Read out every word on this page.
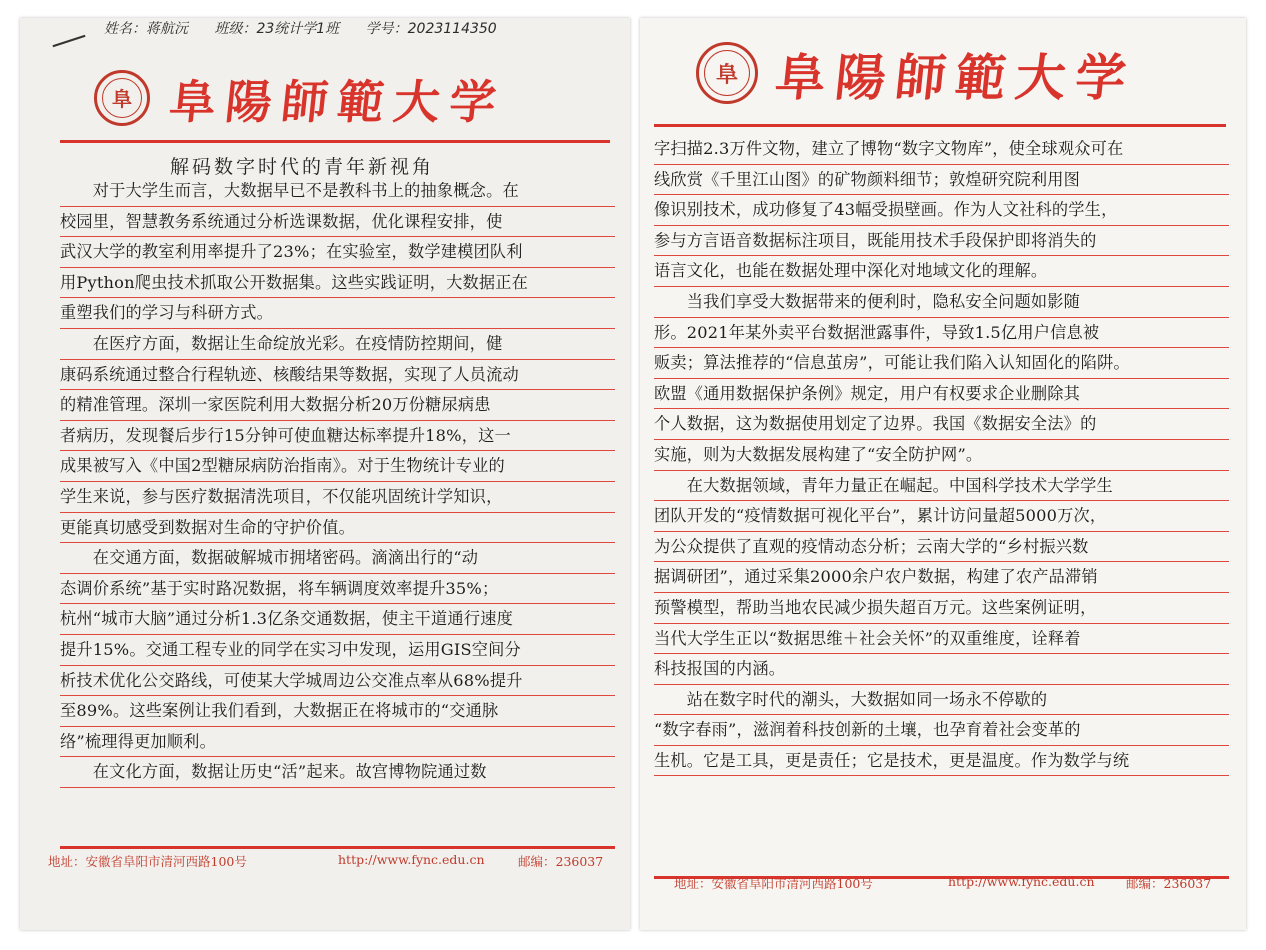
姓名：蒋航沅 班级：23统计学1班 学号：2023114350
阜 阜陽師範大学
解码数字时代的青年新视角
　　对于大学生而言，大数据早已不是教科书上的抽象概念。在
校园里，智慧教务系统通过分析选课数据，优化课程安排，使
武汉大学的教室利用率提升了23%；在实验室，数学建模团队利
用Python爬虫技术抓取公开数据集。这些实践证明，大数据正在
重塑我们的学习与科研方式。
　　在医疗方面，数据让生命绽放光彩。在疫情防控期间，健
康码系统通过整合行程轨迹、核酸结果等数据，实现了人员流动
的精准管理。深圳一家医院利用大数据分析20万份糖尿病患
者病历，发现餐后步行15分钟可使血糖达标率提升18%，这一
成果被写入《中国2型糖尿病防治指南》。对于生物统计专业的
学生来说，参与医疗数据清洗项目，不仅能巩固统计学知识，
更能真切感受到数据对生命的守护价值。
　　在交通方面，数据破解城市拥堵密码。滴滴出行的“动
态调价系统”基于实时路况数据，将车辆调度效率提升35%；
杭州“城市大脑”通过分析1.3亿条交通数据，使主干道通行速度
提升15%。交通工程专业的同学在实习中发现，运用GIS空间分
析技术优化公交路线，可使某大学城周边公交准点率从68%提升
至89%。这些案例让我们看到，大数据正在将城市的“交通脉
络”梳理得更加顺利。
　　在文化方面，数据让历史“活”起来。故宫博物院通过数
地址：安徽省阜阳市清河西路100号	http://www.fync.edu.cn	邮编：236037
阜 阜陽師範大学
字扫描2.3万件文物，建立了博物“数字文物库”，使全球观众可在
线欣赏《千里江山图》的矿物颜料细节；敦煌研究院利用图
像识别技术，成功修复了43幅受损壁画。作为人文社科的学生，
参与方言语音数据标注项目，既能用技术手段保护即将消失的
语言文化，也能在数据处理中深化对地域文化的理解。
　　当我们享受大数据带来的便利时，隐私安全问题如影随
形。2021年某外卖平台数据泄露事件，导致1.5亿用户信息被
贩卖；算法推荐的“信息茧房”，可能让我们陷入认知固化的陷阱。
欧盟《通用数据保护条例》规定，用户有权要求企业删除其
个人数据，这为数据使用划定了边界。我国《数据安全法》的
实施，则为大数据发展构建了“安全防护网”。
　　在大数据领域，青年力量正在崛起。中国科学技术大学学生
团队开发的“疫情数据可视化平台”，累计访问量超5000万次，
为公众提供了直观的疫情动态分析；云南大学的“乡村振兴数
据调研团”，通过采集2000余户农户数据，构建了农产品滞销
预警模型，帮助当地农民减少损失超百万元。这些案例证明，
当代大学生正以“数据思维＋社会关怀”的双重维度，诠释着
科技报国的内涵。
　　站在数字时代的潮头，大数据如同一场永不停歇的
“数字春雨”，滋润着科技创新的土壤，也孕育着社会变革的
生机。它是工具，更是责任；它是技术，更是温度。作为数学与统
地址：安徽省阜阳市清河西路100号	http://www.fync.edu.cn	邮编：236037
